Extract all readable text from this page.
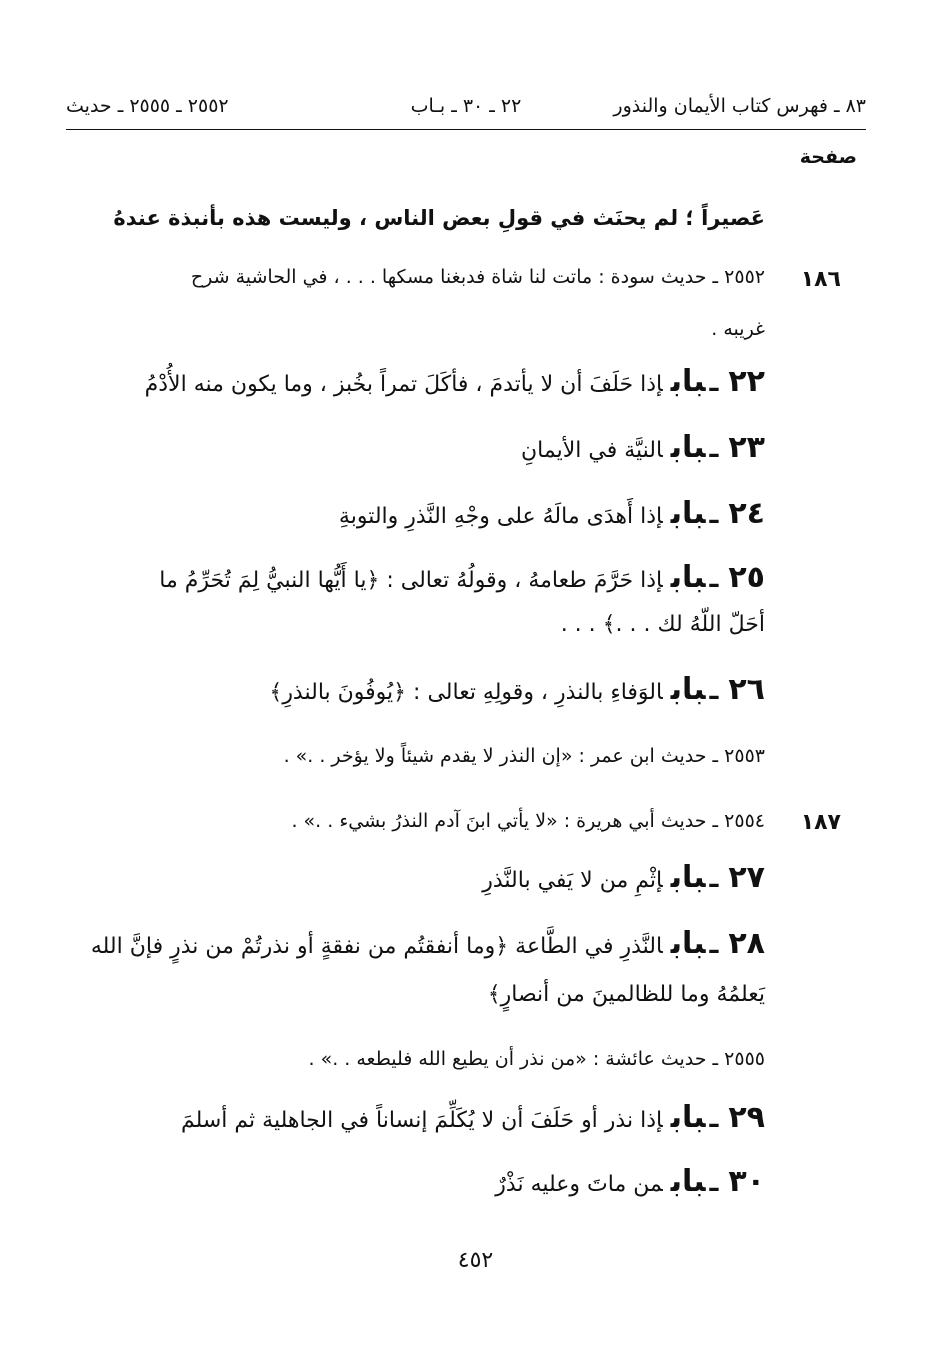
٨٣ ـ فهرس كتاب الأيمان والنذور
٢٢ ـ ٣٠ ـ بـاب
٢٥٥٢ ـ ٢٥٥٥ ـ حديث
صفحة
عَصيراً ؛ لم يحنَث في قولِ بعض الناس ، وليست هذه بأنبذة عندهُ
١٨٦
٢٥٥٢ ـ حديث سودة : ماتت لنا شاة فدبغنا مسكها . . . ، في الحاشية شرح
غريبه .
٢٢ـبابإذا حَلَفَ أن لا يأتدمَ ، فأكَلَ تمراً بخُبز ، وما يكون منه الأُدْمُ
٢٣ـبابالنيَّة في الأيمانِ
٢٤ـبابإذا أَهدَى مالَهُ على وجْهِ النَّذرِ والتوبةِ
٢٥ـبابإذا حَرَّمَ طعامهُ ، وقولُهُ تعالى : ﴿يا أَيُّها النبيُّ لِمَ تُحَرِّمُ ما
أحَلّ اللّهُ لك . . .﴾ . . .
٢٦ـبابالوَفاءِ بالنذرِ ، وقولِهِ تعالى : ﴿يُوفُونَ بالنذرِ﴾
٢٥٥٣ ـ حديث ابن عمر : «إن النذر لا يقدم شيئاً ولا يؤخر . .» .
١٨٧
٢٥٥٤ ـ حديث أبي هريرة : «لا يأتي ابنَ آدم النذرُ بشيء . .» .
٢٧ـبابإثْمِ من لا يَفي بالنَّذرِ
٢٨ـبابالنَّذرِ في الطَّاعة ﴿وما أنفقتُم من نفقةٍ أو نذرتُمْ من نذرٍ فإنَّ الله
يَعلمُهُ وما للظالمينَ من أنصارٍ﴾
٢٥٥٥ ـ حديث عائشة : «من نذر أن يطيع الله فليطعه . .» .
٢٩ـبابإذا نذر أو حَلَفَ أن لا يُكَلِّمَ إنساناً في الجاهلية ثم أسلمَ
٣٠ـبابمن ماتَ وعليه نَذْرٌ
٤٥٢
